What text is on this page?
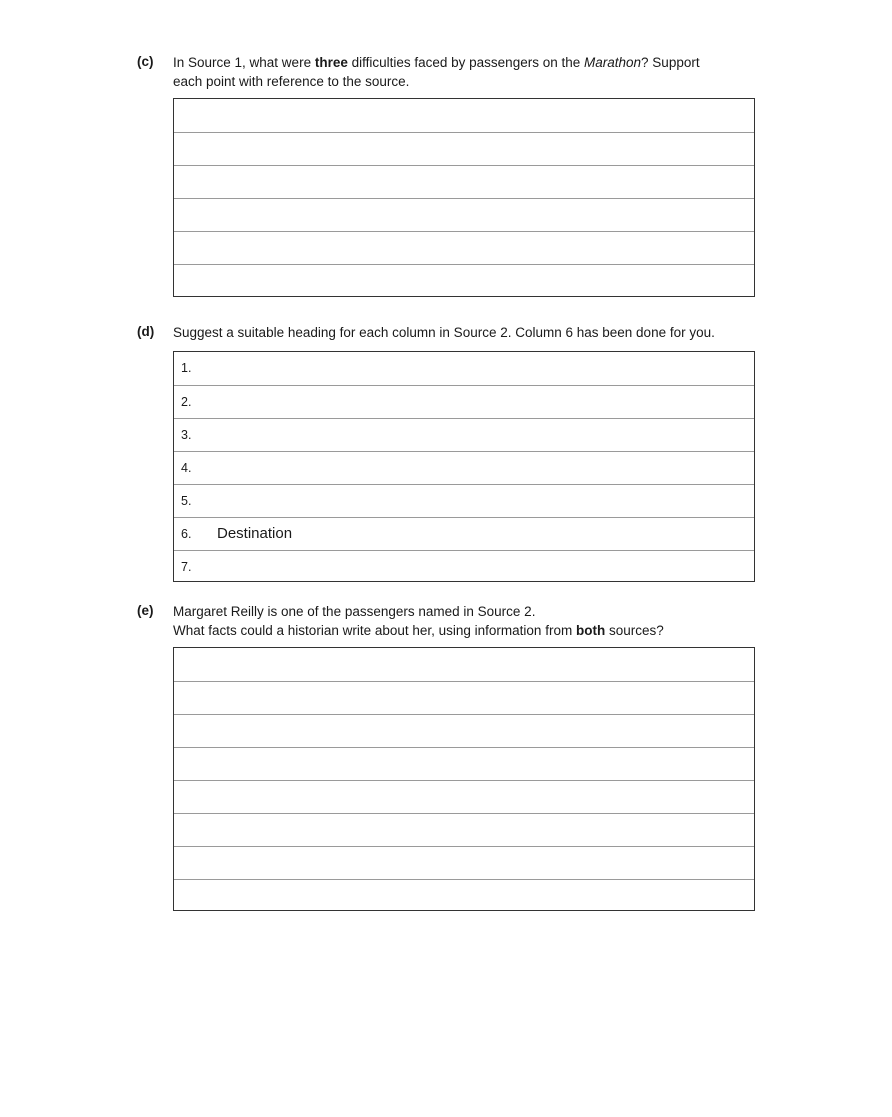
(c) In Source 1, what were three difficulties faced by passengers on the Marathon? Support
each point with reference to the source.
(d) Suggest a suitable heading for each column in Source 2. Column 6 has been done for you.
1.
2.
3.
4.
5.
6. Destination
7.
(e) Margaret Reilly is one of the passengers named in Source 2.
What facts could a historian write about her, using information from both sources?
